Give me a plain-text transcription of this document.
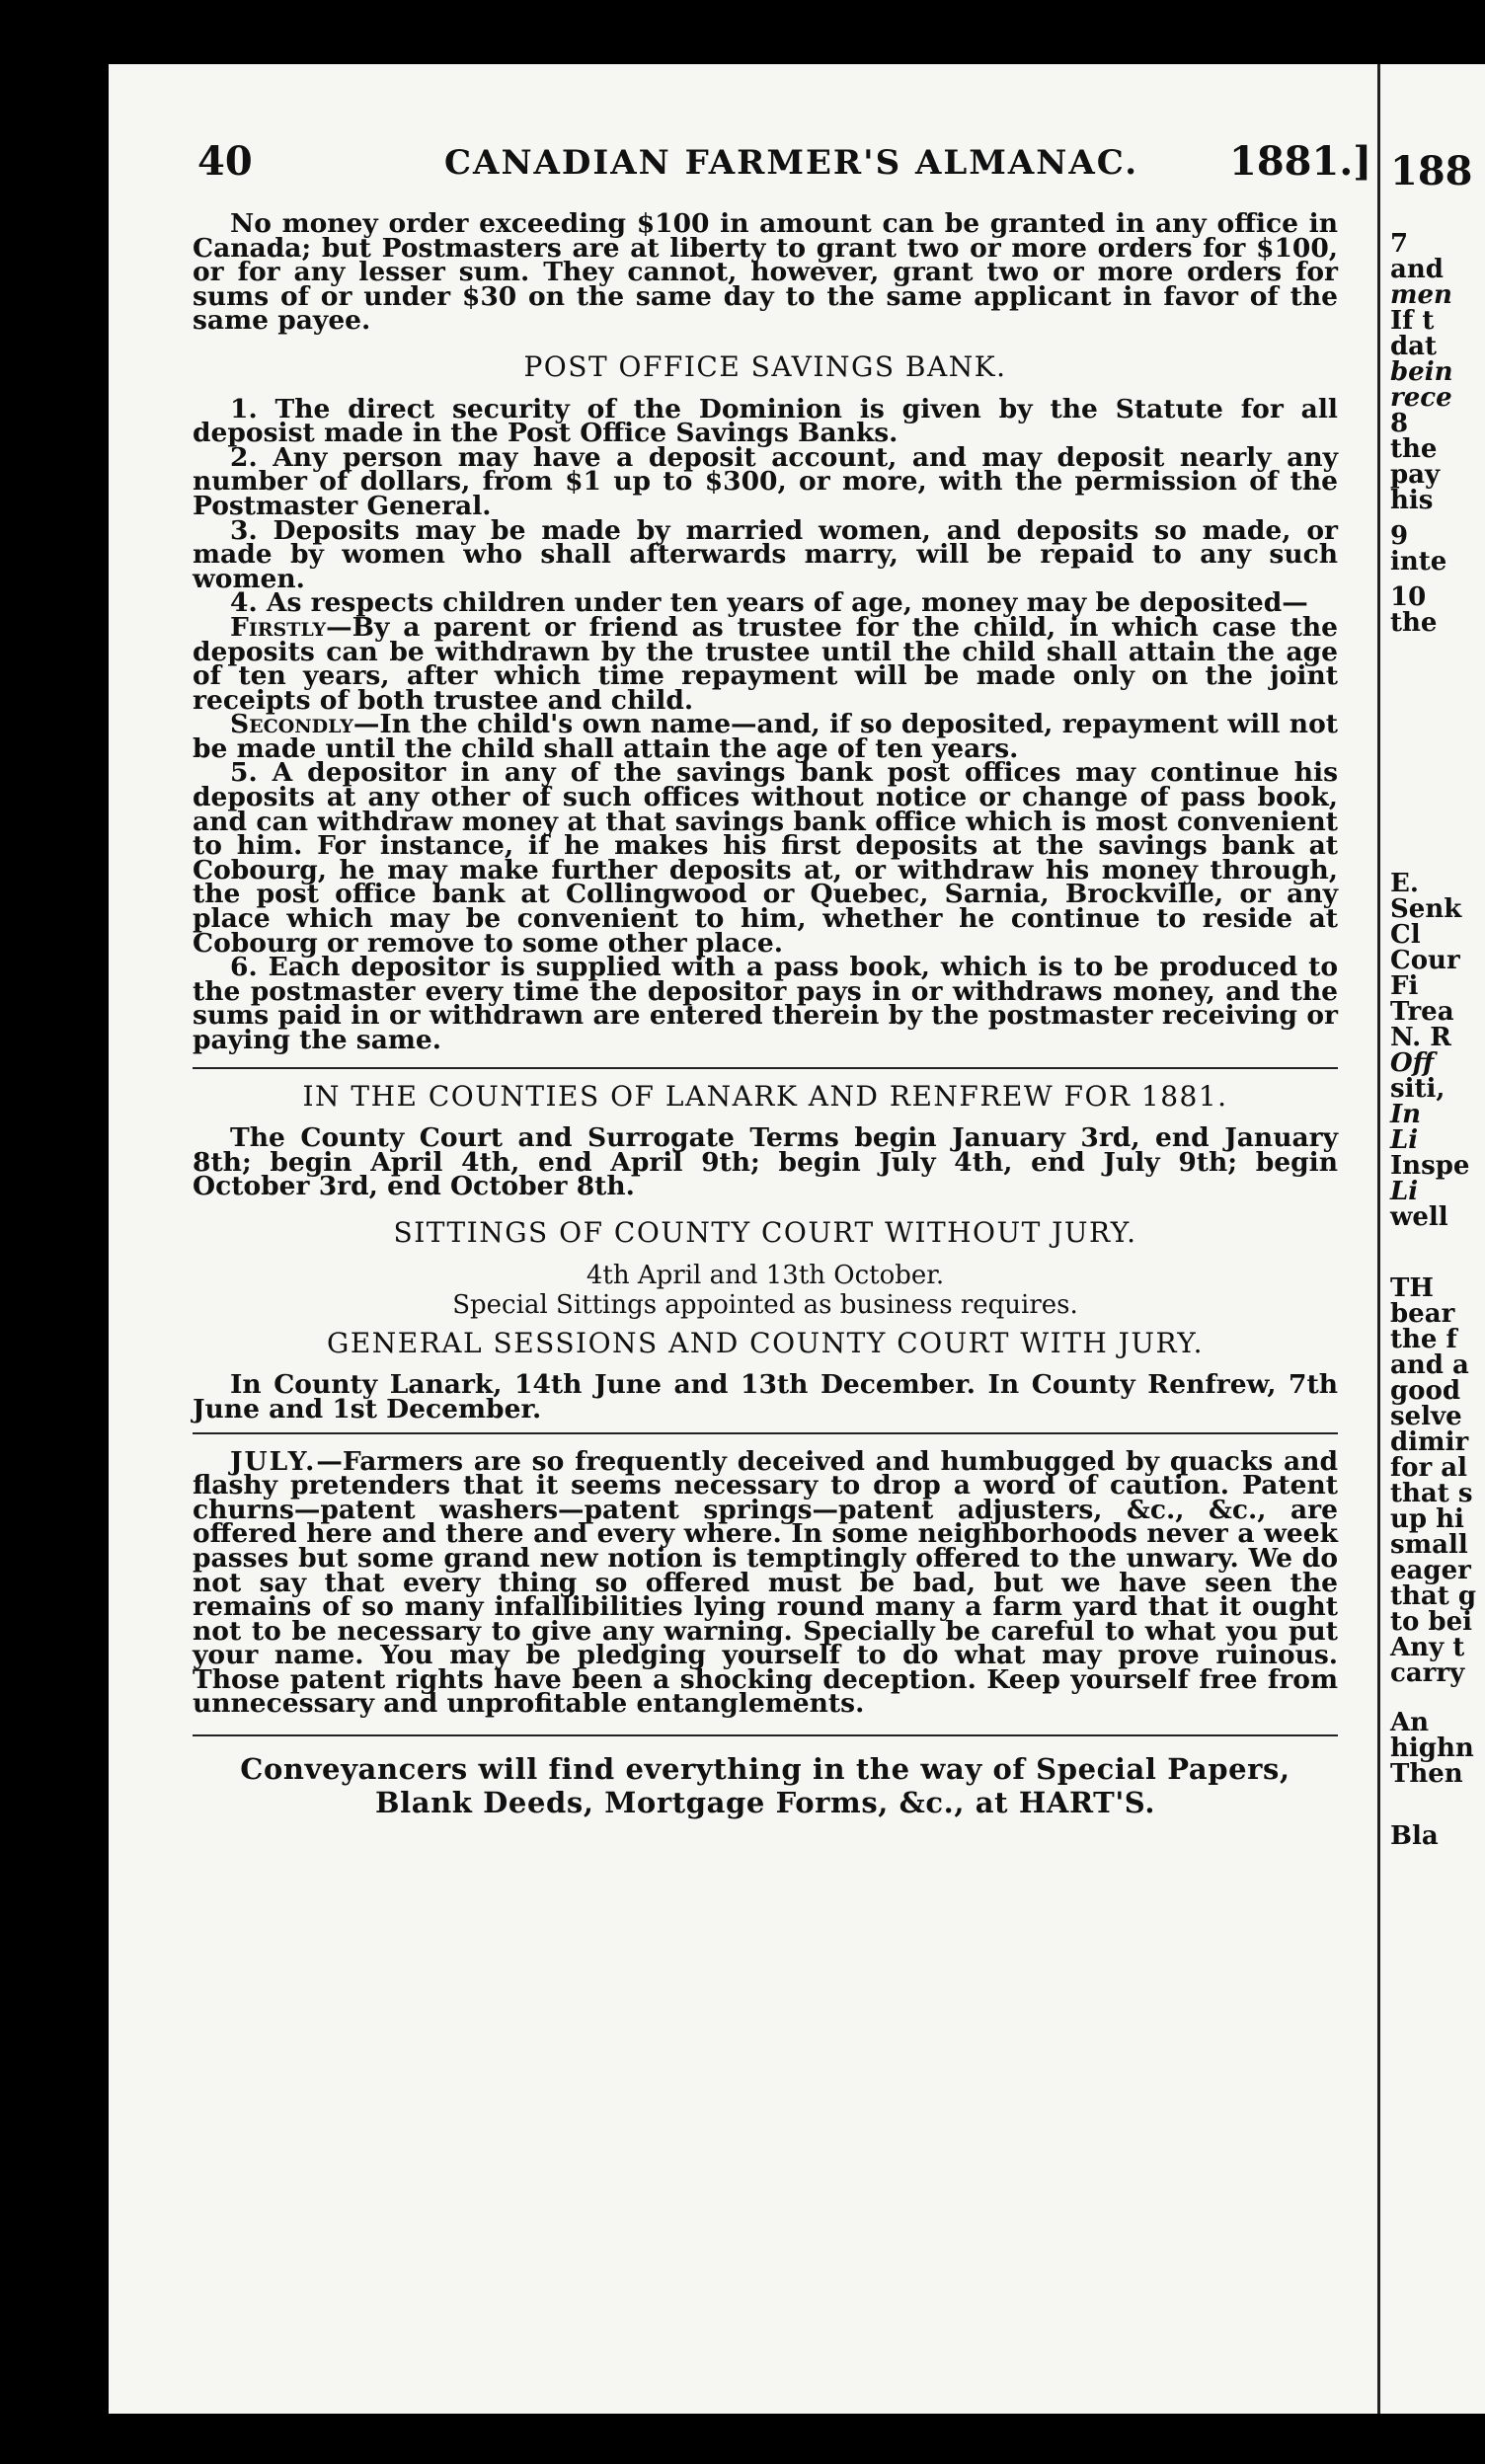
40	CANADIAN FARMER'S ALMANAC. 1881.]

No money order exceeding $100 in amount can be granted in any office in Canada; but Postmasters are at liberty to grant two or more orders for $100, or for any lesser sum. They cannot, however, grant two or more orders for sums of or under $30 on the same day to the same applicant in favor of the same payee.

POST OFFICE SAVINGS BANK.

1. The direct security of the Dominion is given by the Statute for all deposist made in the Post Office Savings Banks.

2. Any person may have a deposit account, and may deposit nearly any number of dollars, from $1 up to $300, or more, with the permission of the Postmaster General.

3. Deposits may be made by married women, and deposits so made, or made by women who shall afterwards marry, will be repaid to any such women.

4. As respects children under ten years of age, money may be deposited—

Firstly—By a parent or friend as trustee for the child, in which case the deposits can be withdrawn by the trustee until the child shall attain the age of ten years, after which time repayment will be made only on the joint receipts of both trustee and child.

Secondly—In the child's own name—and, if so deposited, repayment will not be made until the child shall attain the age of ten years.

5. A depositor in any of the savings bank post offices may continue his deposits at any other of such offices without notice or change of pass book, and can withdraw money at that savings bank office which is most convenient to him. For instance, if he makes his first deposits at the savings bank at Cobourg, he may make further deposits at, or withdraw his money through, the post office bank at Collingwood or Quebec, Sarnia, Brockville, or any place which may be convenient to him, whether he continue to reside at Cobourg or remove to some other place.

6. Each depositor is supplied with a pass book, which is to be produced to the postmaster every time the depositor pays in or withdraws money, and the sums paid in or withdrawn are entered therein by the postmaster receiving or paying the same.

IN THE COUNTIES OF LANARK AND RENFREW FOR 1881.

The County Court and Surrogate Terms begin January 3rd, end January 8th; begin April 4th, end April 9th; begin July 4th, end July 9th; begin October 3rd, end October 8th.

SITTINGS OF COUNTY COURT WITHOUT JURY.

4th April and 13th October.

Special Sittings appointed as business requires.

GENERAL SESSIONS AND COUNTY COURT WITH JURY.

In County Lanark, 14th June and 13th December. In County Renfrew, 7th June and 1st December.

JULY.—Farmers are so frequently deceived and humbugged by quacks and flashy pretenders that it seems necessary to drop a word of caution. Patent churns—patent washers—patent springs—patent adjusters, &c., &c., are offered here and there and every where. In some neighborhoods never a week passes but some grand new notion is temptingly offered to the unwary. We do not say that every thing so offered must be bad, but we have seen the remains of so many infallibilities lying round many a farm yard that it ought not to be necessary to give any warning. Specially be careful to what you put your name. You may be pledging yourself to do what may prove ruinous. Those patent rights have been a shocking deception. Keep yourself free from unnecessary and unprofitable entanglements.

Conveyancers will find everything in the way of Special Papers,
Blank Deeds, Mortgage Forms, &c., at HART'S.
188
7
and
men
If t
dat
bein
rece
8
the
pay
his
9
inte
10
the
E.
Senk
Cl
Cour
Fi
Trea
N. R
Off
siti,
In
Li
Inspe
Li
well
TH
bear
the f
and a
good
selve
dimir
for al
that s
up hi
small
eager
that g
to bei
Any t
carry
An
highn
Then
Bla
